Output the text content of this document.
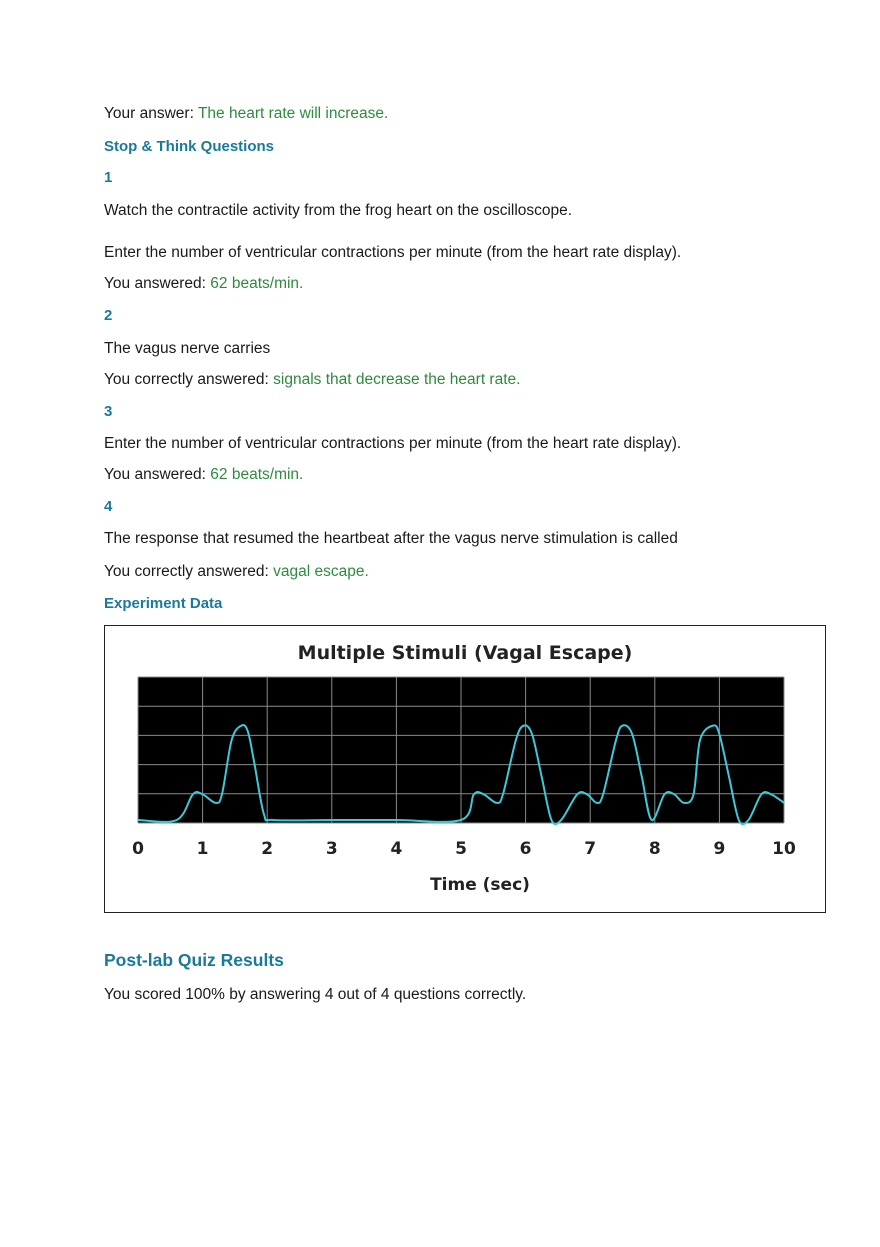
Your answer: The heart rate will increase.
Stop & Think Questions
1
Watch the contractile activity from the frog heart on the oscilloscope.
Enter the number of ventricular contractions per minute (from the heart rate display).
You answered: 62 beats/min.
2
The vagus nerve carries
You correctly answered: signals that decrease the heart rate.
3
Enter the number of ventricular contractions per minute (from the heart rate display).
You answered: 62 beats/min.
4
The response that resumed the heartbeat after the vagus nerve stimulation is called
You correctly answered: vagal escape.
Experiment Data
Multiple Stimuli (Vagal Escape)
0	1	2	3	4	5	6	7	8	9	10
Time (sec)
Post-lab Quiz Results
You scored 100% by answering 4 out of 4 questions correctly.
